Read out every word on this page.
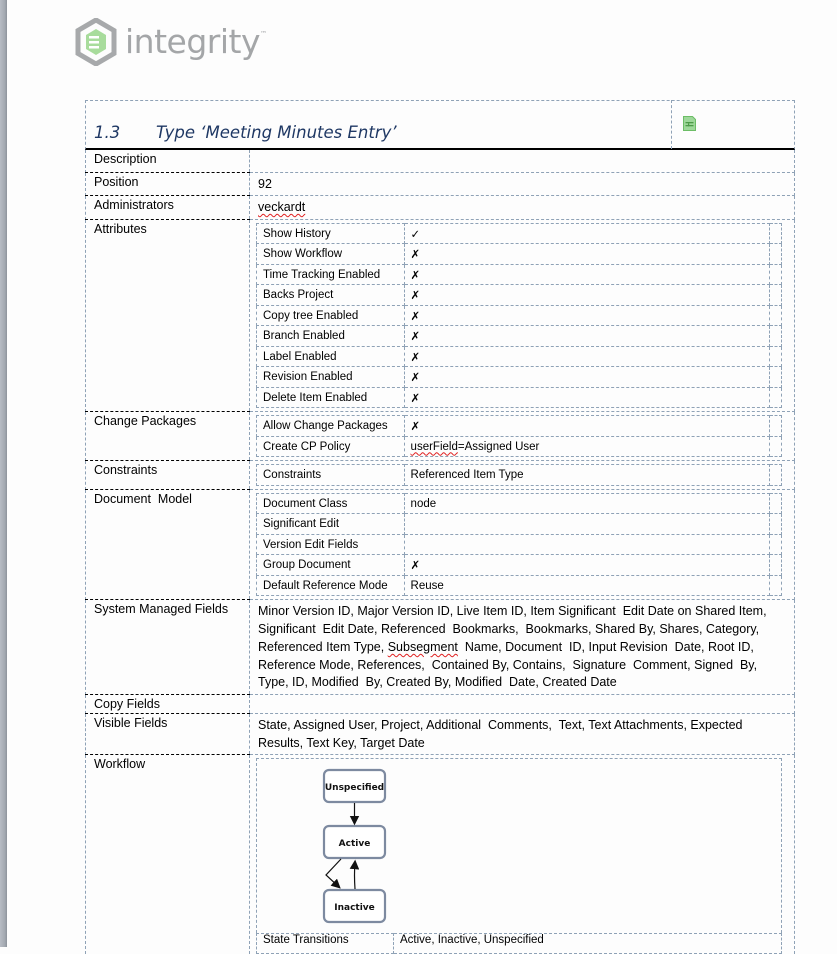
integrity™
1.3 Type ‘Meeting Minutes Entry’
Description	
Position	92
Administrators	veckardt
Attributes		Show History	✓	
Show Workflow	✗	
Time Tracking Enabled	✗	
Backs Project	✗	
Copy tree Enabled	✗	
Branch Enabled	✗	
Label Enabled	✗	
Revision Enabled	✗	
Delete Item Enabled	✗	

Change Packages		Allow Change Packages	✗	
Create CP Policy	userField=Assigned User	

Constraints		Constraints	Referenced Item Type	

Document  Model		Document Class	node	
Significant Edit		
Version Edit Fields		
Group Document	✗	
Default Reference Mode	Reuse	

System Managed Fields	Minor Version ID, Major Version ID, Live Item ID, Item Significant  Edit Date on Shared Item, Significant  Edit Date, Referenced  Bookmarks,  Bookmarks, Shared By, Shares, Category, Referenced Item Type, Subsegment  Name, Document  ID, Input Revision  Date, Root ID, Reference Mode, References,  Contained By, Contains,  Signature  Comment, Signed  By, Type, ID, Modified  By, Created By, Modified  Date, Created Date
Copy Fields	
Visible Fields	State, Assigned User, Project, Additional  Comments,  Text, Text Attachments, Expected Results, Text Key, Target Date
Workflow	
Unspecified
Active
Inactive
State Transitions	Active, Inactive, Unspecified
